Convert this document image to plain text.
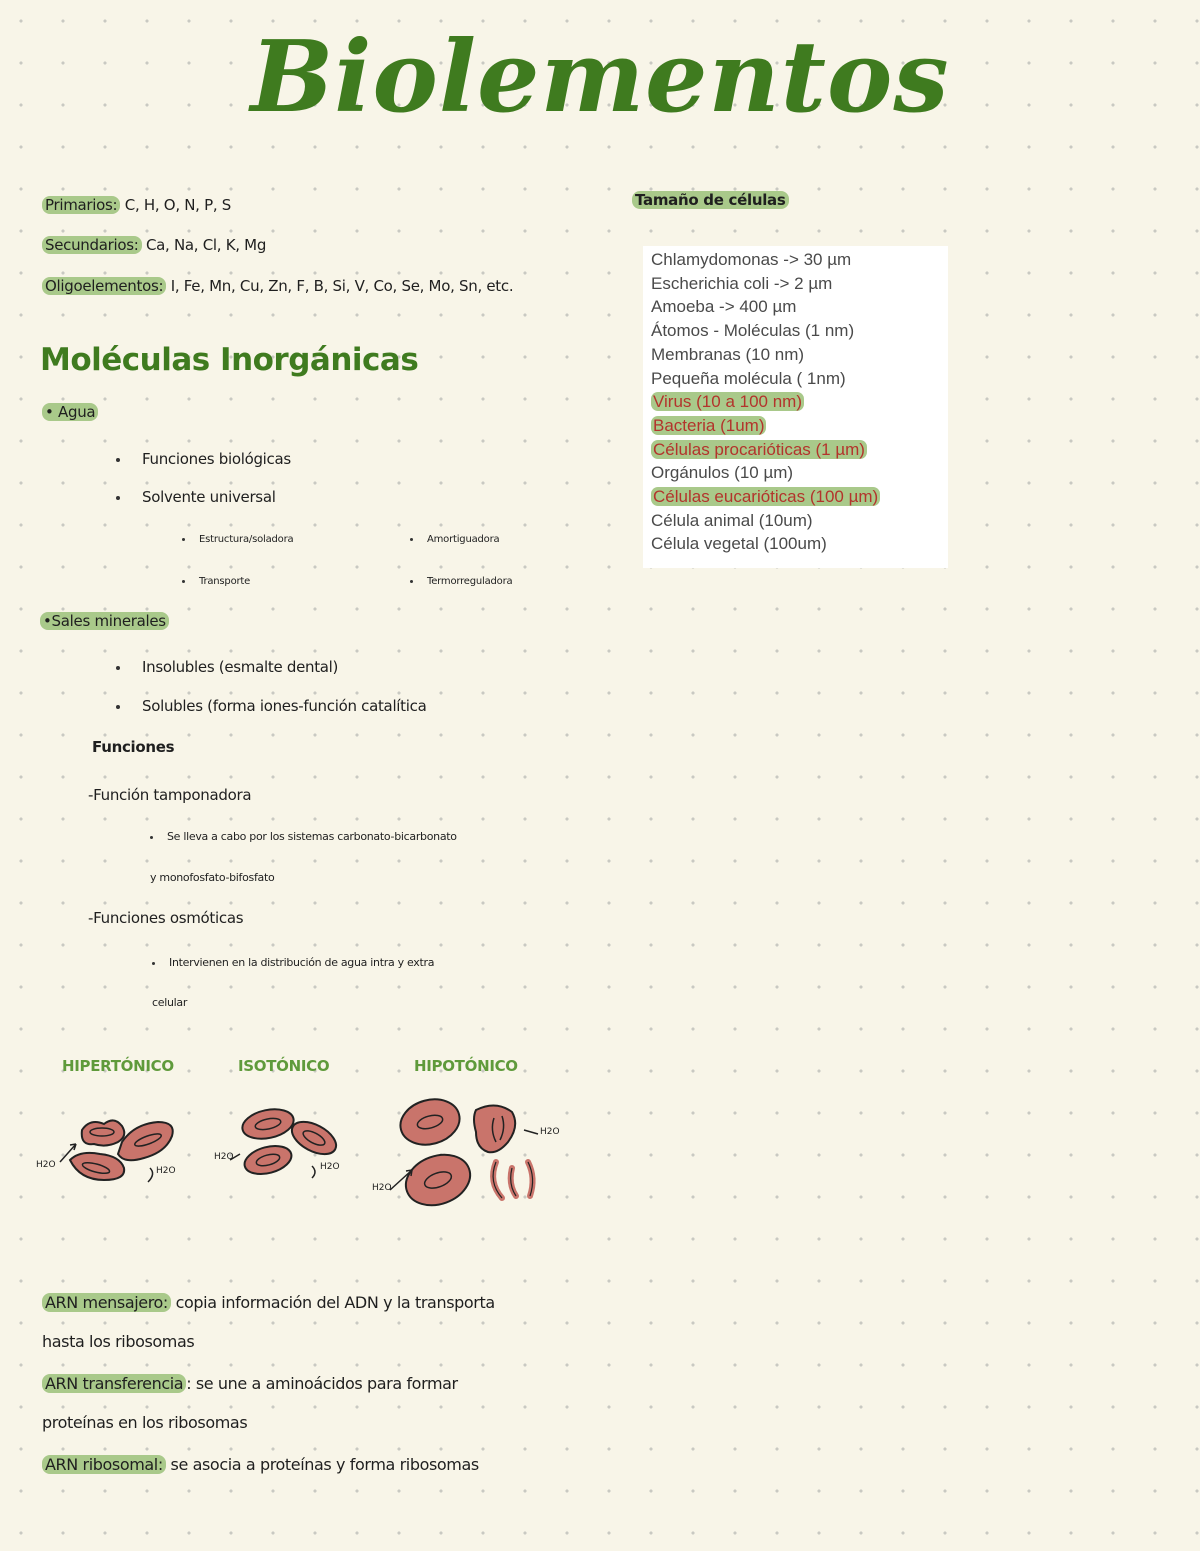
Biolementos
Primarios: C, H, O, N, P, S
Secundarios: Ca, Na, Cl, K, Mg
Oligoelementos: I, Fe, Mn, Cu, Zn, F, B, Si, V, Co, Se, Mo, Sn, etc.
Moléculas Inorgánicas
• Agua
Funciones biológicas
Solvente universal
Estructura/soladora	Amortiguadora
Transporte	Termorreguladora
•Sales minerales
Insolubles (esmalte dental)
Solubles (forma iones-función catalítica
Funciones
-Función tamponadora
Se lleva a cabo por los sistemas carbonato-bicarbonato
y monofosfato-bifosfato
-Funciones osmóticas
Intervienen en la distribución de agua intra y extra
celular
HIPERTÓNICO	ISOTÓNICO	HIPOTÓNICO
H2O
H2O
H2O
H2O
H2O
H2O
Tamaño de células
Chlamydomonas -> 30 µm
Escherichia coli -> 2 µm
Amoeba -> 400 µm
Átomos - Moléculas (1 nm)
Membranas (10 nm)
Pequeña molécula ( 1nm)
Virus (10 a 100 nm)
Bacteria (1um)
Células procarióticas (1 µm)
Orgánulos (10 µm)
Células eucarióticas (100 µm)
Célula animal (10um)
Célula vegetal (100um)
ARN mensajero: copia información del ADN y la transporta
hasta los ribosomas
ARN transferencia : se une a aminoácidos para formar
proteínas en los ribosomas
ARN ribosomal: se asocia a proteínas y forma ribosomas
